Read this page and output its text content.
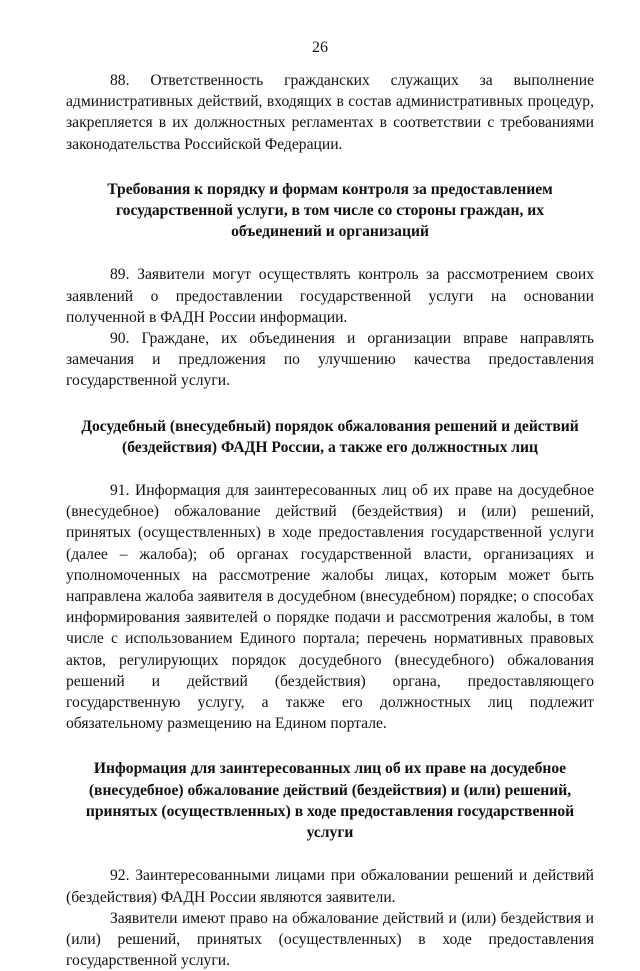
26

88. Ответственность гражданских служащих за выполнение административных действий, входящих в состав административных процедур, закрепляется в их должностных регламентах в соответствии с требованиями законодательства Российской Федерации.

Требования к порядку и формам контроля за предоставлением государственной услуги, в том числе со стороны граждан, их объединений и организаций

89. Заявители могут осуществлять контроль за рассмотрением своих заявлений о предоставлении государственной услуги на основании полученной в ФАДН России информации.

90. Граждане, их объединения и организации вправе направлять замечания и предложения по улучшению качества предоставления государственной услуги.

Досудебный (внесудебный) порядок обжалования решений и действий (бездействия) ФАДН России, а также его должностных лиц

91. Информация для заинтересованных лиц об их праве на досудебное (внесудебное) обжалование действий (бездействия) и (или) решений, принятых (осуществленных) в ходе предоставления государственной услуги (далее – жалоба); об органах государственной власти, организациях и уполномоченных на рассмотрение жалобы лицах, которым может быть направлена жалоба заявителя в досудебном (внесудебном) порядке; о способах информирования заявителей о порядке подачи и рассмотрения жалобы, в том числе с использованием Единого портала; перечень нормативных правовых актов, регулирующих порядок досудебного (внесудебного) обжалования решений и действий (бездействия) органа, предоставляющего государственную услугу, а также его должностных лиц подлежит обязательному размещению на Едином портале.

Информация для заинтересованных лиц об их праве на досудебное (внесудебное) обжалование действий (бездействия) и (или) решений, принятых (осуществленных) в ходе предоставления государственной услуги

92. Заинтересованными лицами при обжаловании решений и действий (бездействия) ФАДН России являются заявители.

Заявители имеют право на обжалование действий и (или) бездействия и (или) решений, принятых (осуществленных) в ходе предоставления государственной услуги.
